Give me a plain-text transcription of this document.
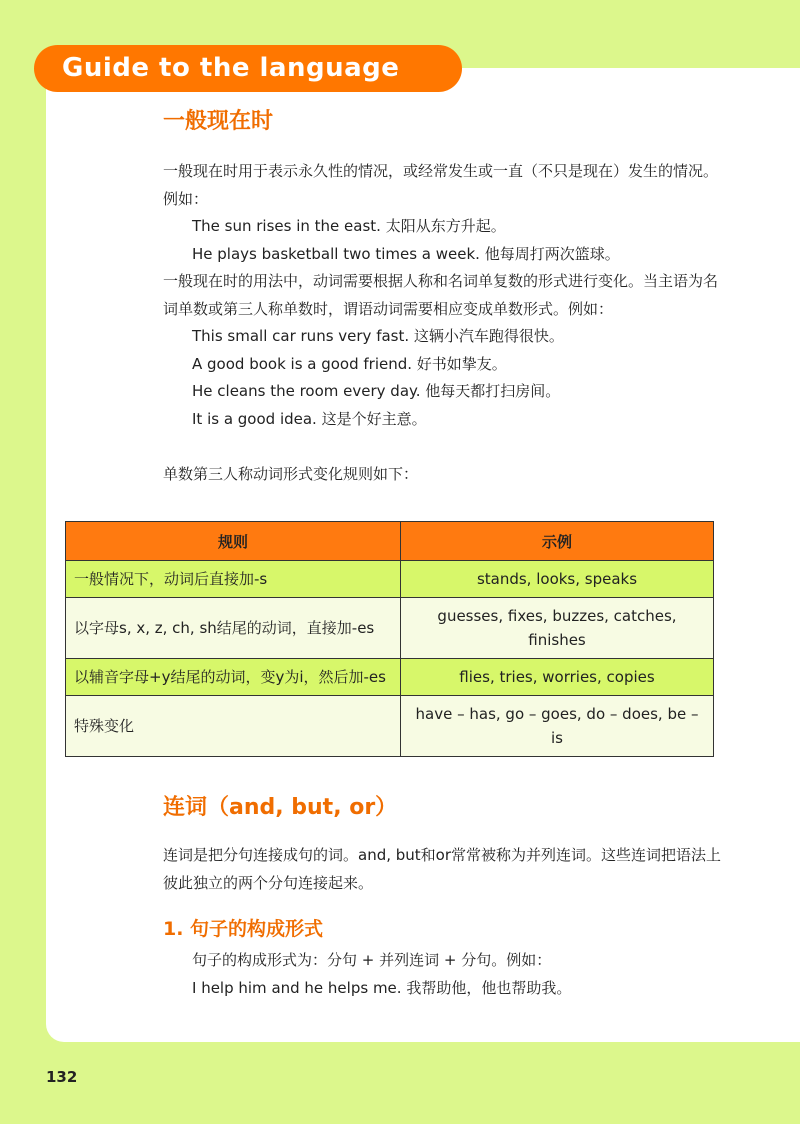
Guide to the language use	一般现在时

一般现在时用于表示永久性的情况，或经常发生或一直（不只是现在）发生的情况。例如：

The sun rises in the east. 太阳从东方升起。

He plays basketball two times a week. 他每周打两次篮球。

一般现在时的用法中，动词需要根据人称和名词单复数的形式进行变化。当主语为名词单数或第三人称单数时，谓语动词需要相应变成单数形式。例如：

This small car runs very fast. 这辆小汽车跑得很快。

A good book is a good friend. 好书如挚友。

He cleans the room every day. 他每天都打扫房间。

It is a good idea. 这是个好主意。

单数第三人称动词形式变化规则如下：

规则	示例
一般情况下，动词后直接加-s	stands, looks, speaks
以字母s, x, z, ch, sh结尾的动词，直接加-es	guesses, fixes, buzzes, catches, finishes
以辅音字母+y结尾的动词，变y为i，然后加-es	flies, tries, worries, copies
特殊变化	have – has, go – goes, do – does, be – is

连词（and, but, or）

连词是把分句连接成句的词。and, but和or常常被称为并列连词。这些连词把语法上彼此独立的两个分句连接起来。

1. 句子的构成形式

句子的构成形式为：分句 + 并列连词 + 分句。例如：

I help him and he helps me. 我帮助他，他也帮助我。

132
